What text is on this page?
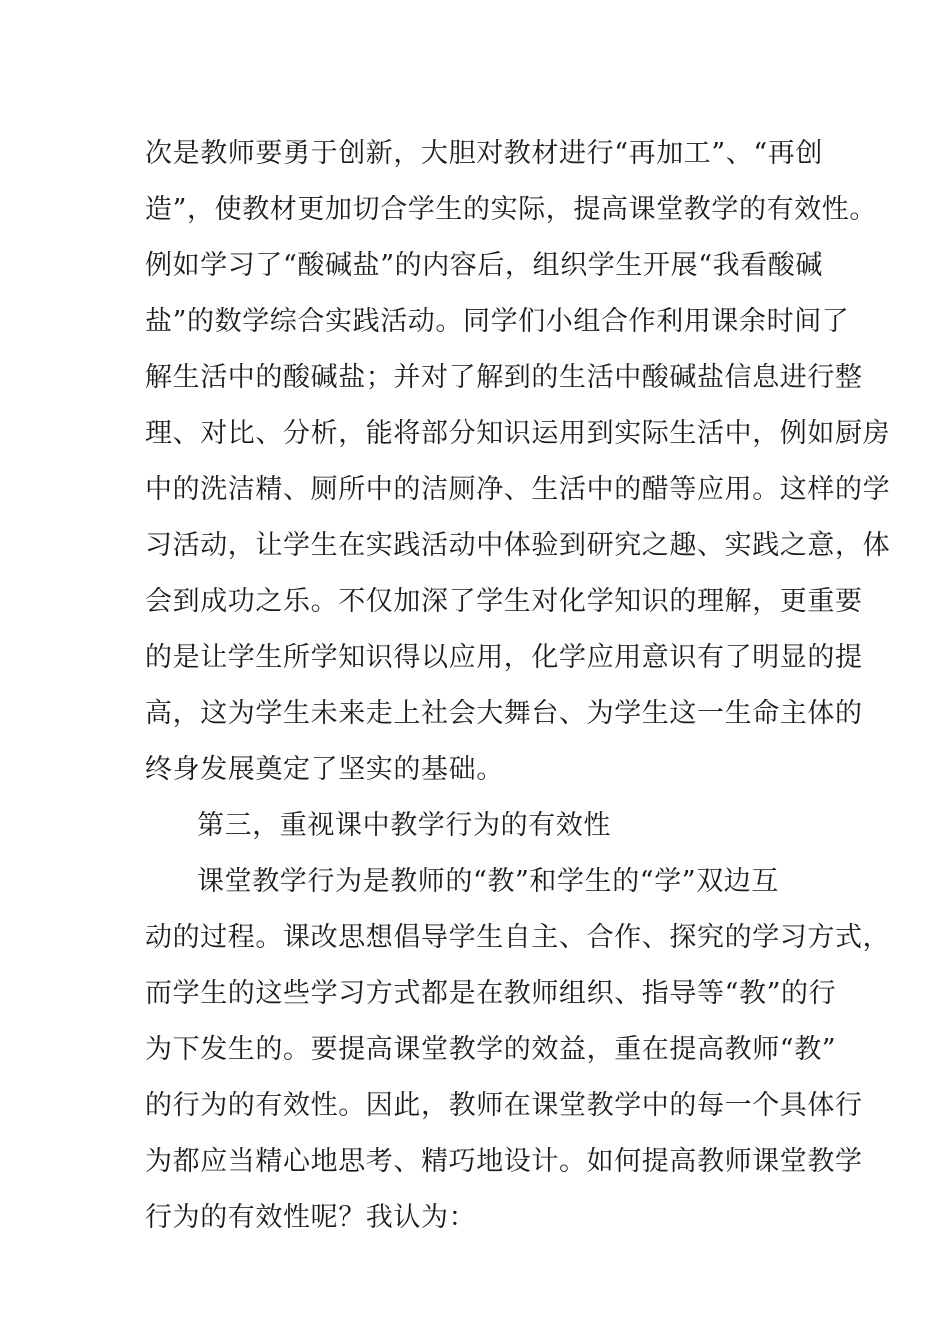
次是教师要勇于创新，大胆对教材进行“再加工”、“再创
造”，使教材更加切合学生的实际，提高课堂教学的有效性。
例如学习了“酸碱盐”的内容后，组织学生开展“我看酸碱
盐”的数学综合实践活动。同学们小组合作利用课余时间了
解生活中的酸碱盐；并对了解到的生活中酸碱盐信息进行整
理、对比、分析，能将部分知识运用到实际生活中，例如厨房
中的洗洁精、厕所中的洁厕净、生活中的醋等应用。这样的学
习活动，让学生在实践活动中体验到研究之趣、实践之意，体
会到成功之乐。不仅加深了学生对化学知识的理解，更重要
的是让学生所学知识得以应用，化学应用意识有了明显的提
高，这为学生未来走上社会大舞台、为学生这一生命主体的
终身发展奠定了坚实的基础。
第三，重视课中教学行为的有效性
课堂教学行为是教师的“教”和学生的“学”双边互
动的过程。课改思想倡导学生自主、合作、探究的学习方式，
而学生的这些学习方式都是在教师组织、指导等“教”的行
为下发生的。要提高课堂教学的效益，重在提高教师“教”
的行为的有效性。因此，教师在课堂教学中的每一个具体行
为都应当精心地思考、精巧地设计。如何提高教师课堂教学
行为的有效性呢？我认为：
